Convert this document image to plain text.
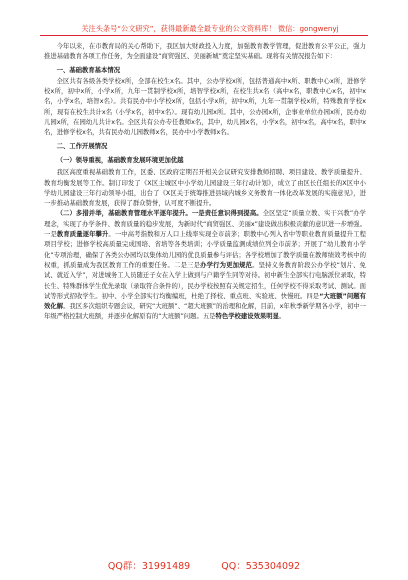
关注头条号“公文研究”，获得最新最全最专业的公文资料库！ 微信：gongwenyj

今年以来，在市教育局的关心帮助下，我区加大财政投入力度，加强教育教学管理，促进教育公平公正，强力推进基础教育各项工作任务，为全面建设“商贸强区、美丽新城”奠定坚实基础。现将有关情况报告如下：

一、基础教育基本情况

全区共有各级各类学校x所，全部在校生x名。其中，公办学校x所，包括普通高中x所、职教中心x所，进修学校x所，初中x所，小学x所，九年一贯制学校x所，培智学校x所，在校生共x名（高中x名，职教中心x名，初中x名，小学x名，培智x名）。共有民办中小学校x所，包括小学x所，初中x所，九年一贯制学校x所，特殊教育学校x所，现有在校生共计x名（小学x名，初中x名）。现有幼儿园x所。其中，公办园x所，企事业单位办园x所，民办幼儿园x所，在园幼儿共计x名。全区共有公办专任教师x名，其中，幼儿园x名，小学x名，初中x名，高中x名，职中x名，进修学校x名，共有民办幼儿园教师x名，民办中小学教师x名。

二、工作开展情况

（一）领导重视，基础教育发展环境更加优越

我区高度重视基础教育工作，区委、区政府定期召开相关会议研究安排教师招聘、项目建设、教学质量提升、教育均衡发展等工作。制订印发了《X区主城区中小学幼儿园建设三年行动计划》，成立了由区长任组长的X区中小学幼儿园建设三年行动领导小组，出台了《X区关于统筹推进县域内城乡义务教育一体化改革发展的实施意见》，进一步推动基础教育发展，获得了群众赞誉，认可度不断提升。

（二）多措并举，基础教育管理水平逐年提升。一是责任意识得到提高。全区坚定“质量立教、实干兴教”办学理念，实现了办学条件、教育质量的稳步发展，为新时代“商贸强区、美丽x”建设做出积极贡献的意识进一步增强。一是教育质量逐年攀升。一中高考指数和万人口上线率实现全市前茅；职教中心列入省中等职业教育质量提升工程项目学校；进修学校高质量完成国培、省培等各类培训；小学质量监测成绩位列全市前茅；开展了“幼儿教育小学化”专项治理，确保了各类公办园均以集体幼儿园的优良质量参与评估；各学校增加了教学质量在教师绩效考核中的权重，抓质量成为我区教育工作的重要任务。二是三是办学行为更加规范。坚持义务教育阶段公办学校“划片、免试、就近入学”，对进城务工人员随迁子女在入学上做到与户籍学生同等对待。初中新生全部实行电脑派位录取，特长生、特殊群体学生优先录取（录取符合条件的），民办学校按照有关规定招生，任何学校不得采取考试、测试。面试等形式招收学生。初中、小学全部实行均衡编班，杜绝了择校、重点班、实验班、快慢班。四是“大班额”问题有效化解。我区多次组织专题会议，研究“大班额”、“超大班额”的治理和化解，目前，x年秋季新学期各小学，初中一年级严格控制大班额，并逐步化解原有的“大班额”问题。五是特色学校建设效果明显。

QQ群：31991489	QQ：535304092
